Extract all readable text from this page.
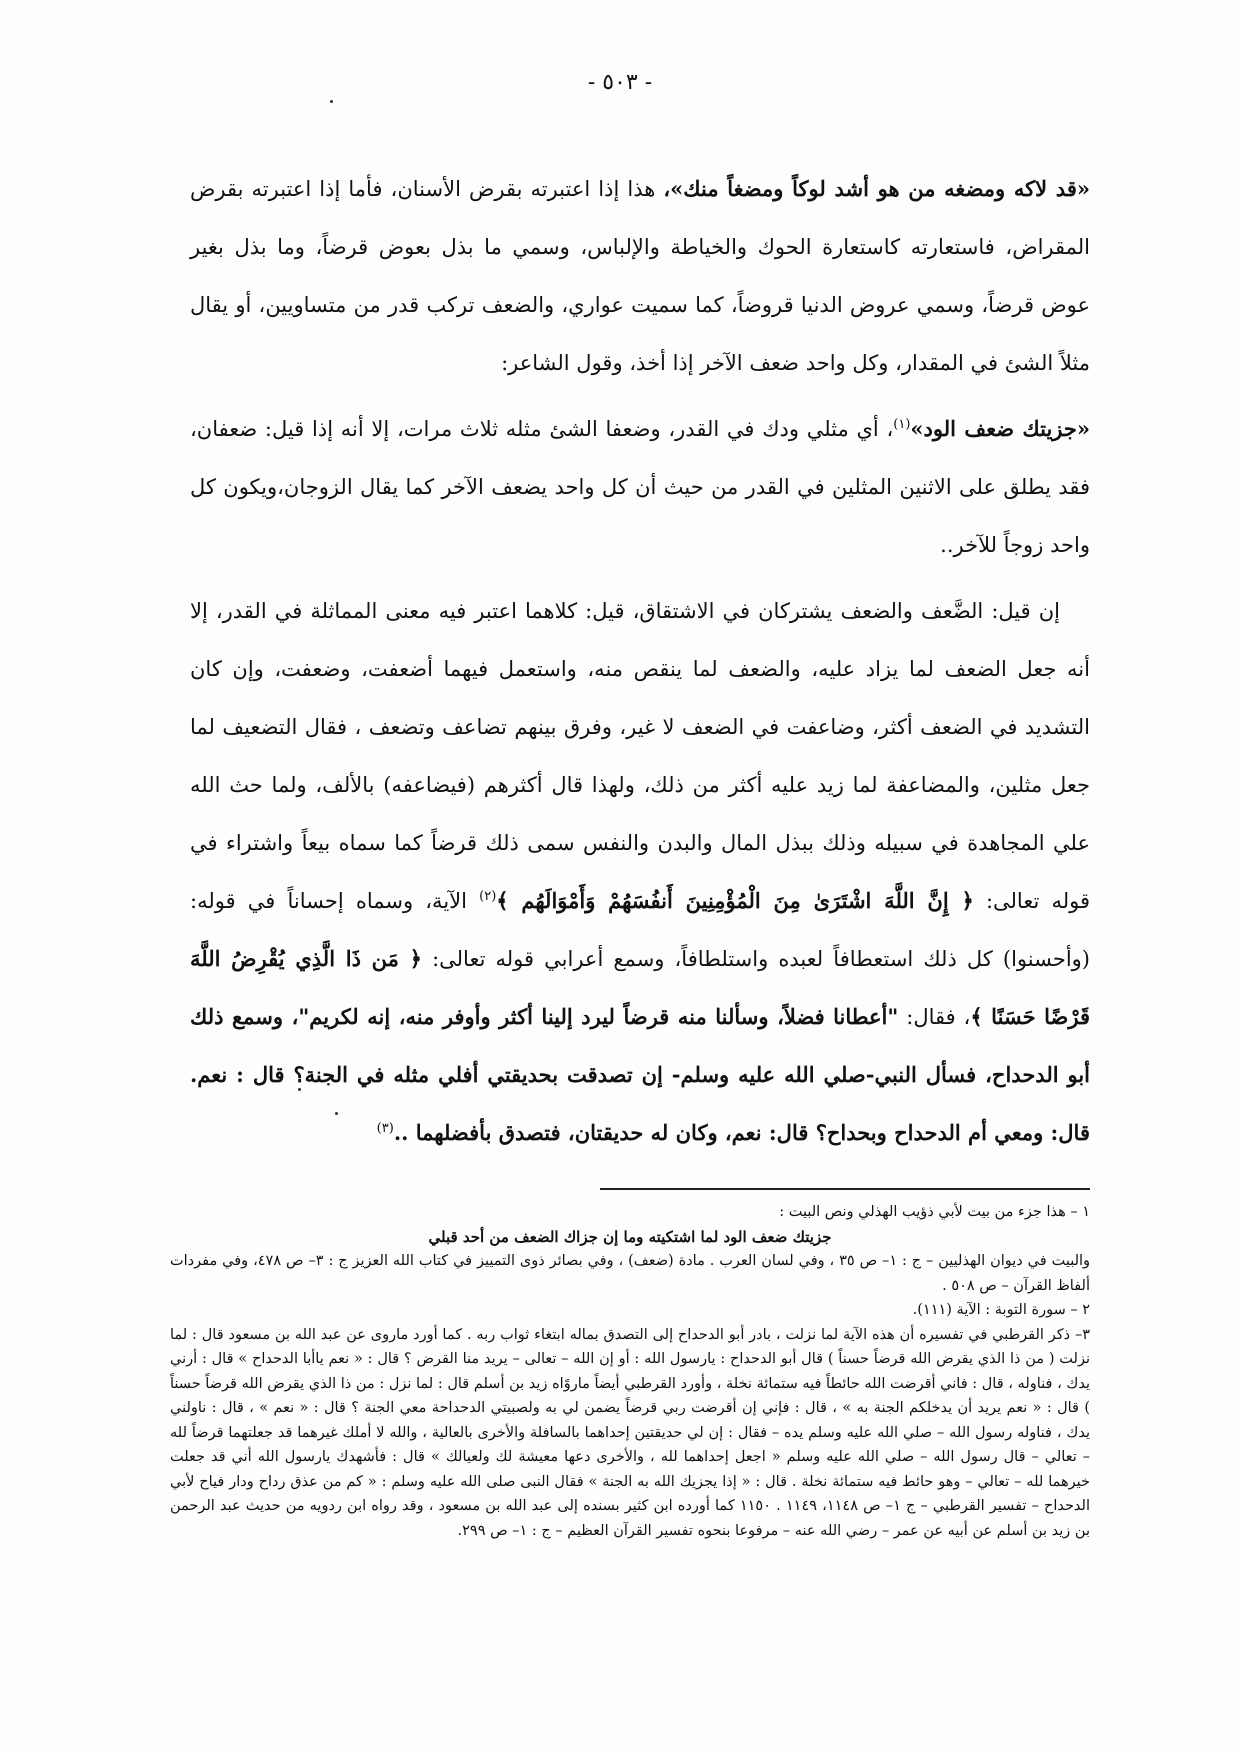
- ٥٠٣ -

«قد لاكه ومضغه من هو أشد لوكاً ومضغاً منك»، هذا إذا اعتبرته بقرض الأسنان، فأما إذا اعتبرته بقرض المقراض، فاستعارته كاستعارة الحوك والخياطة والإلباس، وسمي ما بذل بعوض قرضاً، وما بذل بغير عوض قرضاً، وسمي عروض الدنيا قروضاً، كما سميت عواري، والضعف تركب قدر من متساويين، أو يقال مثلاً الشئ في المقدار، وكل واحد ضعف الآخر إذا أخذ، وقول الشاعر:

«جزيتك ضعف الود»$^{(١)}$، أي مثلي ودك في القدر، وضعفا الشئ مثله ثلاث مرات، إلا أنه إذا قيل: ضعفان، فقد يطلق على الاثنين المثلين في القدر من حيث أن كل واحد يضعف الآخر كما يقال الزوجان،ويكون كل واحد زوجاً للآخر..

إن قيل: الضَّعف والضعف يشتركان في الاشتقاق، قيل: كلاهما اعتبر فيه معنى المماثلة في القدر، إلا أنه جعل الضعف لما يزاد عليه، والضعف لما ينقص منه، واستعمل فيهما أضعفت، وضعفت، وإن كان التشديد في الضعف أكثر، وضاعفت في الضعف لا غير، وفرق بينهم تضاعف وتضعف ، فقال التضعيف لما جعل مثلين، والمضاعفة لما زيد عليه أكثر من ذلك، ولهذا قال أكثرهم (فيضاعفه) بالألف، ولما حث الله علي المجاهدة في سبيله وذلك ببذل المال والبدن والنفس سمى ذلك قرضاً كما سماه بيعاً واشتراء في قوله تعالى: ﴿ إِنَّ اللَّهَ اشْتَرَىٰ مِنَ الْمُؤْمِنِينَ أَنفُسَهُمْ وَأَمْوَالَهُم ﴾$^{(٢)}$ الآية، وسماه إحساناً في قوله: (وأحسنوا) كل ذلك استعطافاً لعبده واستلطافاً، وسمع أعرابي قوله تعالى: ﴿ مَن ذَا الَّذِي يُقْرِضُ اللَّهَ قَرْضًا حَسَنًا ﴾، فقال: "أعطانا فضلاً، وسألنا منه قرضاً ليرد إلينا أكثر وأوفر منه، إنه لكريم"، وسمع ذلك أبو الدحداح، فسأل النبي-صلي الله عليه وسلم- إن تصدقت بحديقتي أفلي مثله في الجنة؟ قال : نعم. قال: ومعي أم الدحداح وبحداح؟ قال: نعم، وكان له حديقتان، فتصدق بأفضلهما ..$^{(٣)}$

١ – هذا جزء من بيت لأبي ذؤيب الهذلي ونص البيت :

جزيتك ضعف الود لما اشتكيته وما إن جزاك الضعف من أحد قبلي

والبيت في ديوان الهذليين – ج : ١– ص ٣٥ ، وفي لسان العرب . مادة (ضعف) ، وفي بصائر ذوى التمييز في كتاب الله العزيز ج : ٣– ص ٤٧٨، وفي مفردات ألفاظ القرآن – ص ٥٠٨ .

٢ – سورة التوبة : الآية (١١١).

٣– ذكر القرطبي في تفسيره أن هذه الآية لما نزلت ، بادر أبو الدحداح إلى التصدق بماله ابتغاء ثواب ربه . كما أورد ماروى عن عبد الله بن مسعود قال : لما نزلت ( من ذا الذي يقرض الله قرضاً حسناً ) قال أبو الدحداح : يارسول الله : أو إن الله – تعالى – يريد منا القرض ؟ قال : « نعم ياأبا الدحداح » قال : أرني يدك ، فناوله ، قال : فاني أقرضت الله حائطاً فيه ستمائة نخلة ، وأورد القرطبي أيضاً ماروًاه زيد بن أسلم قال : لما نزل : من ذا الذي يقرض الله قرضاً حسناً ) قال : « نعم يريد أن يدخلكم الجنة به » ، قال : فإني إن أقرضت ربي قرضاً يضمن لي به ولصبيتي الدحداحة معي الجنة ؟ قال : « نعم » ، قال : ناولني يدك ، فناوله رسول الله – صلي الله عليه وسلم يده – فقال : إن لي حديقتين إحداهما بالسافلة والأخرى بالعالية ، والله لا أملك غيرهما قد جعلتهما قرضاً لله – تعالي – قال رسول الله – صلي الله عليه وسلم « اجعل إحداهما لله ، والأخرى دعها معيشة لك ولعيالك » قال : فأشهدك يارسول الله أني قد جعلت خيرهما لله – تعالي – وهو حائط فيه ستمائة نخلة . قال : « إذا يجزيك الله به الجنة » فقال النبى صلى الله عليه وسلم : « كم من عذق رداح ودار فياح لأبي الدحداح – تفسير القرطبي – ج ١– ص ١١٤٨، ١١٤٩ . ١١٥٠ كما أورده ابن كثير بسنده إلى عبد الله بن مسعود ، وقد رواه ابن ردويه من حديث عبد الرحمن بن زيد بن أسلم عن أبيه عن عمر – رضي الله عنه – مرفوعا بنحوه تفسير القرآن العظيم – ج : ١– ص ٢٩٩.
